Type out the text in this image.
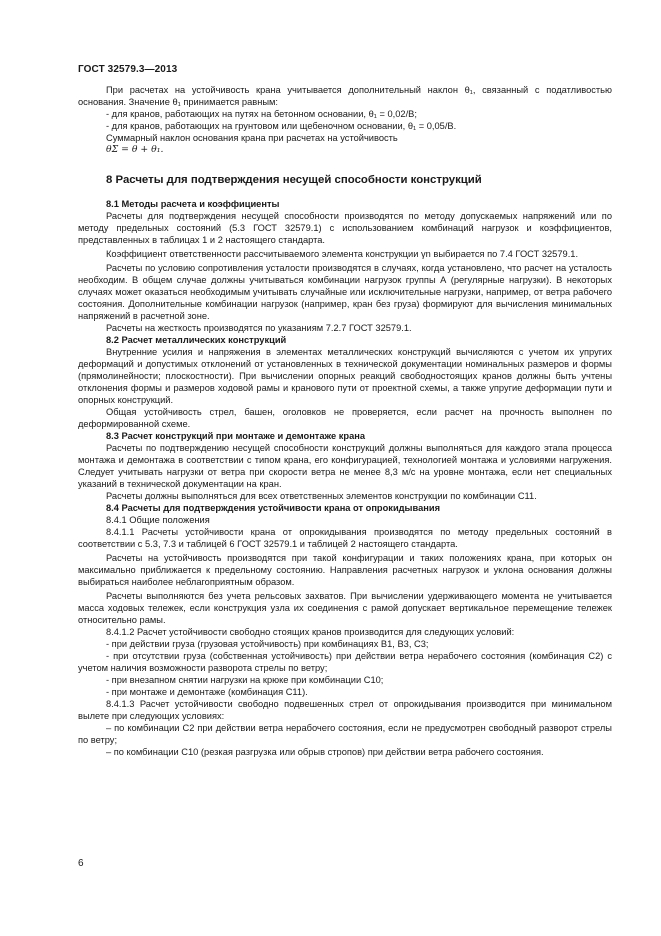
ГОСТ 32579.3—2013

При расчетах на устойчивость крана учитывается дополнительный наклон θ₁, связанный с податливостью основания. Значение θ₁ принимается равным:

- для кранов, работающих на путях на бетонном основании, θ₁ = 0,02/B;

- для кранов, работающих на грунтовом или щебеночном основании, θ₁ = 0,05/B.

Суммарный наклон основания крана при расчетах на устойчивость

θΣ = θ + θ₁.

8 Расчеты для подтверждения несущей способности конструкций

8.1 Методы расчета и коэффициенты

Расчеты для подтверждения несущей способности производятся по методу допускаемых напряжений или по методу предельных состояний (5.3 ГОСТ 32579.1) с использованием комбинаций нагрузок и коэффициентов, представленных в таблицах 1 и 2 настоящего стандарта.

Коэффициент ответственности рассчитываемого элемента конструкции γn выбирается по 7.4 ГОСТ 32579.1.

Расчеты по условию сопротивления усталости производятся в случаях, когда установлено, что расчет на усталость необходим. В общем случае должны учитываться комбинации нагрузок группы А (регулярные нагрузки). В некоторых случаях может оказаться необходимым учитывать случайные или исключительные нагрузки, например, от ветра рабочего состояния. Дополнительные комбинации нагрузок (например, кран без груза) формируют для вычисления минимальных напряжений в расчетной зоне.

Расчеты на жесткость производятся по указаниям 7.2.7 ГОСТ 32579.1.

8.2 Расчет металлических конструкций

Внутренние усилия и напряжения в элементах металлических конструкций вычисляются с учетом их упругих деформаций и допустимых отклонений от установленных в технической документации номинальных размеров и формы (прямолинейности; плоскостности). При вычислении опорных реакций свободностоящих кранов должны быть учтены отклонения формы и размеров ходовой рамы и кранового пути от проектной схемы, а также упругие деформации пути и опорных конструкций.

Общая устойчивость стрел, башен, оголовков не проверяется, если расчет на прочность выполнен по деформированной схеме.

8.3 Расчет конструкций при монтаже и демонтаже крана

Расчеты по подтверждению несущей способности конструкций должны выполняться для каждого этапа процесса монтажа и демонтажа в соответствии с типом крана, его конфигурацией, технологией монтажа и условиями нагружения. Следует учитывать нагрузки от ветра при скорости ветра не менее 8,3 м/с на уровне монтажа, если нет специальных указаний в технической документации на кран.

Расчеты должны выполняться для всех ответственных элементов конструкции по комбинации C11.

8.4 Расчеты для подтверждения устойчивости крана от опрокидывания

8.4.1 Общие положения

8.4.1.1 Расчеты устойчивости крана от опрокидывания производятся по методу предельных состояний в соответствии с 5.3, 7.3 и таблицей 6 ГОСТ 32579.1 и таблицей 2 настоящего стандарта.

Расчеты на устойчивость производятся при такой конфигурации и таких положениях крана, при которых он максимально приближается к предельному состоянию. Направления расчетных нагрузок и уклона основания должны выбираться наиболее неблагоприятным образом.

Расчеты выполняются без учета рельсовых захватов. При вычислении удерживающего момента не учитывается масса ходовых тележек, если конструкция узла их соединения с рамой допускает вертикальное перемещение тележек относительно рамы.

8.4.1.2 Расчет устойчивости свободно стоящих кранов производится для следующих условий:

- при действии груза (грузовая устойчивость) при комбинациях B1, B3, C3;

- при отсутствии груза (собственная устойчивость) при действии ветра нерабочего состояния (комбинация C2) с учетом наличия возможности разворота стрелы по ветру;

- при внезапном снятии нагрузки на крюке при комбинации C10;

- при монтаже и демонтаже (комбинация C11).

8.4.1.3 Расчет устойчивости свободно подвешенных стрел от опрокидывания производится при минимальном вылете при следующих условиях:

– по комбинации C2 при действии ветра нерабочего состояния, если не предусмотрен свободный разворот стрелы по ветру;

– по комбинации C10 (резкая разгрузка или обрыв стропов) при действии ветра рабочего состояния.

6
